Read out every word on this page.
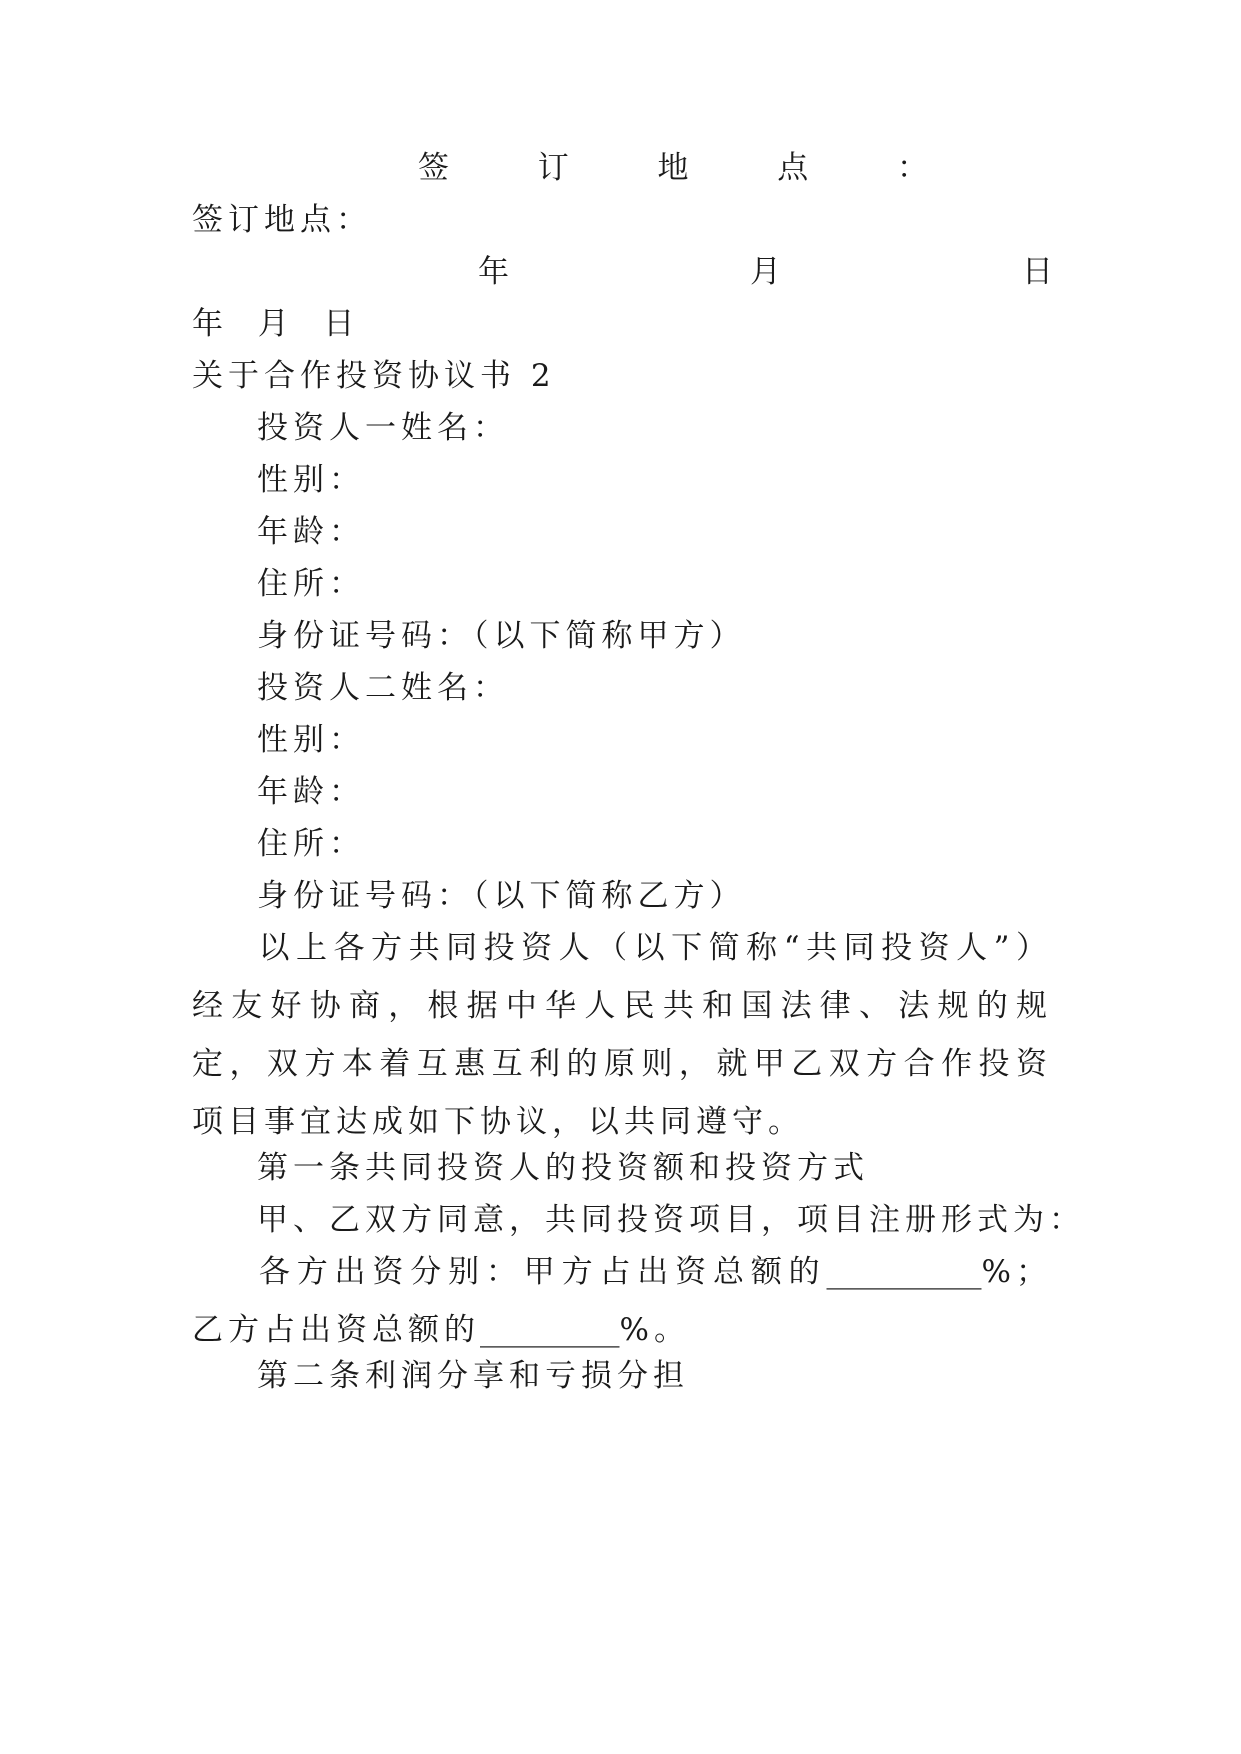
签	订	地	点	：
签订地点：
年	月	日
年  月  日
关于合作投资协议书 2
投资人一姓名：
性别：
年龄：
住所：
身份证号码：（以下简称甲方）
投资人二姓名：
性别：
年龄：
住所：
身份证号码：（以下简称乙方）
以上各方共同投资人（以下简称“共同投资人”）经友好协商，根据中华人民共和国法律、法规的规定，双方本着互惠互利的原则，就甲乙双方合作投资项目事宜达成如下协议，以共同遵守。
第一条共同投资人的投资额和投资方式
甲、乙双方同意，共同投资项目，项目注册形式为：
各方出资分别：甲方占出资总额的__________%；乙方占出资总额的_________%。
第二条利润分享和亏损分担
